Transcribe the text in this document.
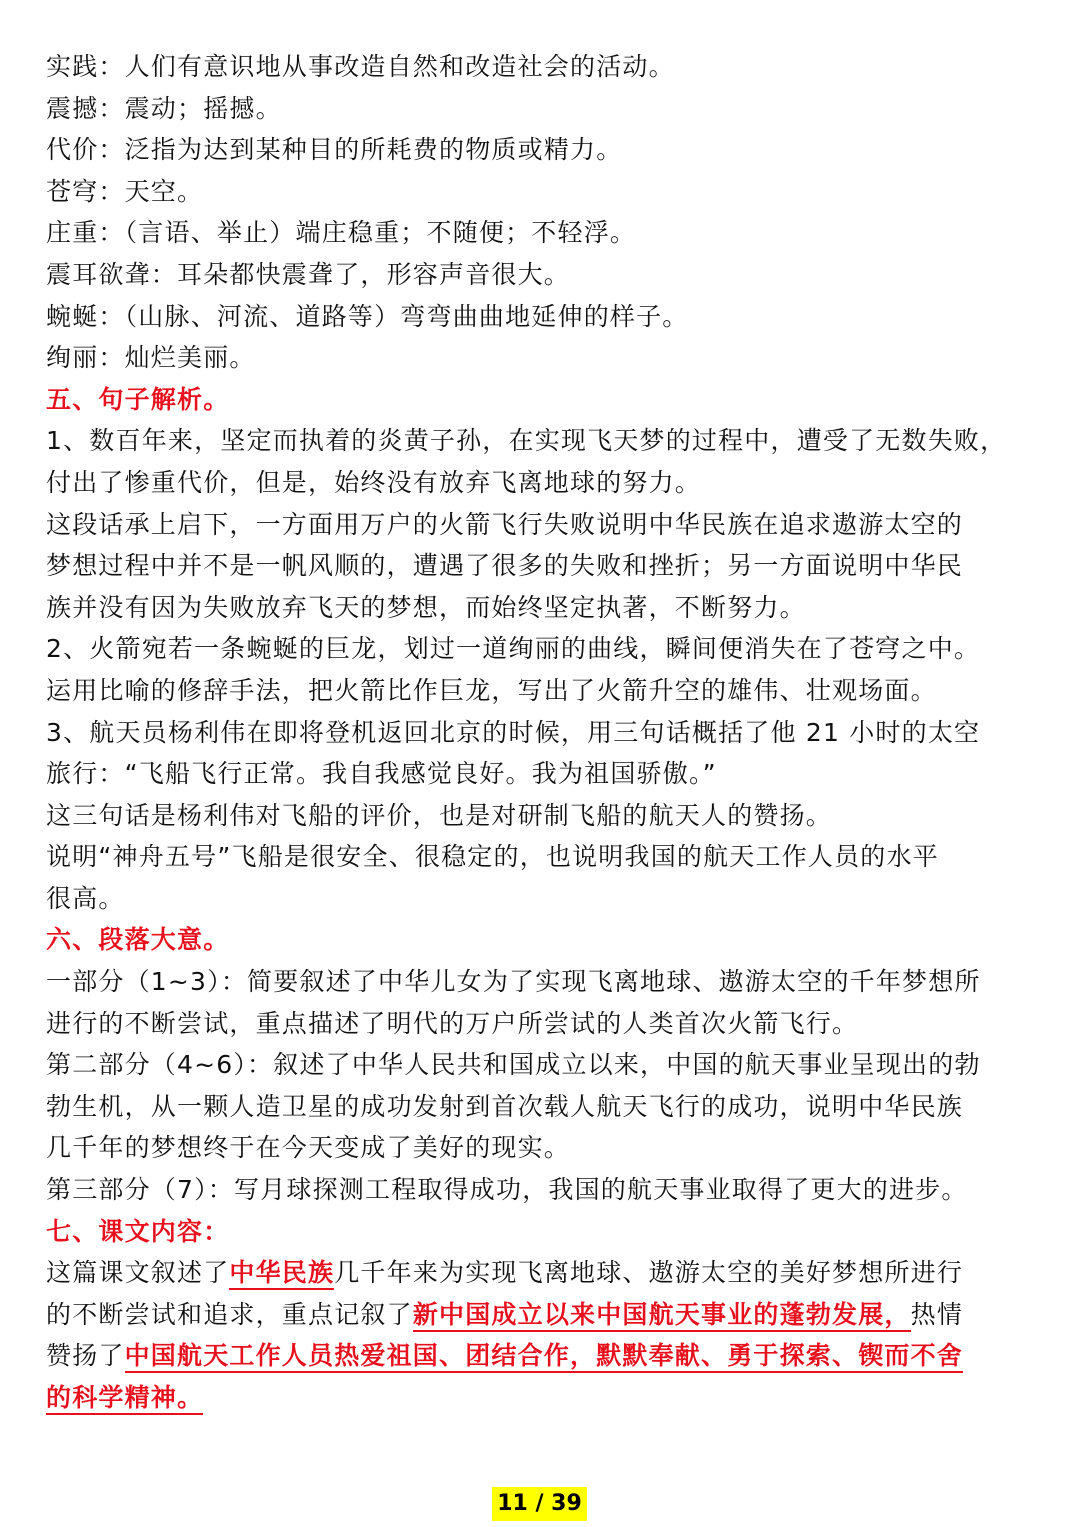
实践：人们有意识地从事改造自然和改造社会的活动。
震撼：震动；摇撼。
代价：泛指为达到某种目的所耗费的物质或精力。
苍穹：天空。
庄重：（言语、举止）端庄稳重；不随便；不轻浮。
震耳欲聋：耳朵都快震聋了，形容声音很大。
蜿蜒：（山脉、河流、道路等）弯弯曲曲地延伸的样子。
绚丽：灿烂美丽。
五、句子解析。
1、数百年来，坚定而执着的炎黄子孙，在实现飞天梦的过程中，遭受了无数失败，
付出了惨重代价，但是，始终没有放弃飞离地球的努力。
这段话承上启下，一方面用万户的火箭飞行失败说明中华民族在追求遨游太空的
梦想过程中并不是一帆风顺的，遭遇了很多的失败和挫折；另一方面说明中华民
族并没有因为失败放弃飞天的梦想，而始终坚定执著，不断努力。
2、火箭宛若一条蜿蜒的巨龙，划过一道绚丽的曲线，瞬间便消失在了苍穹之中。
运用比喻的修辞手法，把火箭比作巨龙，写出了火箭升空的雄伟、壮观场面。
3、航天员杨利伟在即将登机返回北京的时候，用三句话概括了他 21 小时的太空
旅行：“飞船飞行正常。我自我感觉良好。我为祖国骄傲。”
这三句话是杨利伟对飞船的评价，也是对研制飞船的航天人的赞扬。
说明“神舟五号”飞船是很安全、很稳定的，也说明我国的航天工作人员的水平
很高。
六、段落大意。
一部分（1~3）：简要叙述了中华儿女为了实现飞离地球、遨游太空的千年梦想所
进行的不断尝试，重点描述了明代的万户所尝试的人类首次火箭飞行。
第二部分（4~6）：叙述了中华人民共和国成立以来，中国的航天事业呈现出的勃
勃生机，从一颗人造卫星的成功发射到首次载人航天飞行的成功，说明中华民族
几千年的梦想终于在今天变成了美好的现实。
第三部分（7）：写月球探测工程取得成功，我国的航天事业取得了更大的进步。
七、课文内容：
这篇课文叙述了中华民族几千年来为实现飞离地球、遨游太空的美好梦想所进行
的不断尝试和追求，重点记叙了新中国成立以来中国航天事业的蓬勃发展，热情
赞扬了中国航天工作人员热爱祖国、团结合作，默默奉献、勇于探索、锲而不舍
的科学精神。
11 / 39
